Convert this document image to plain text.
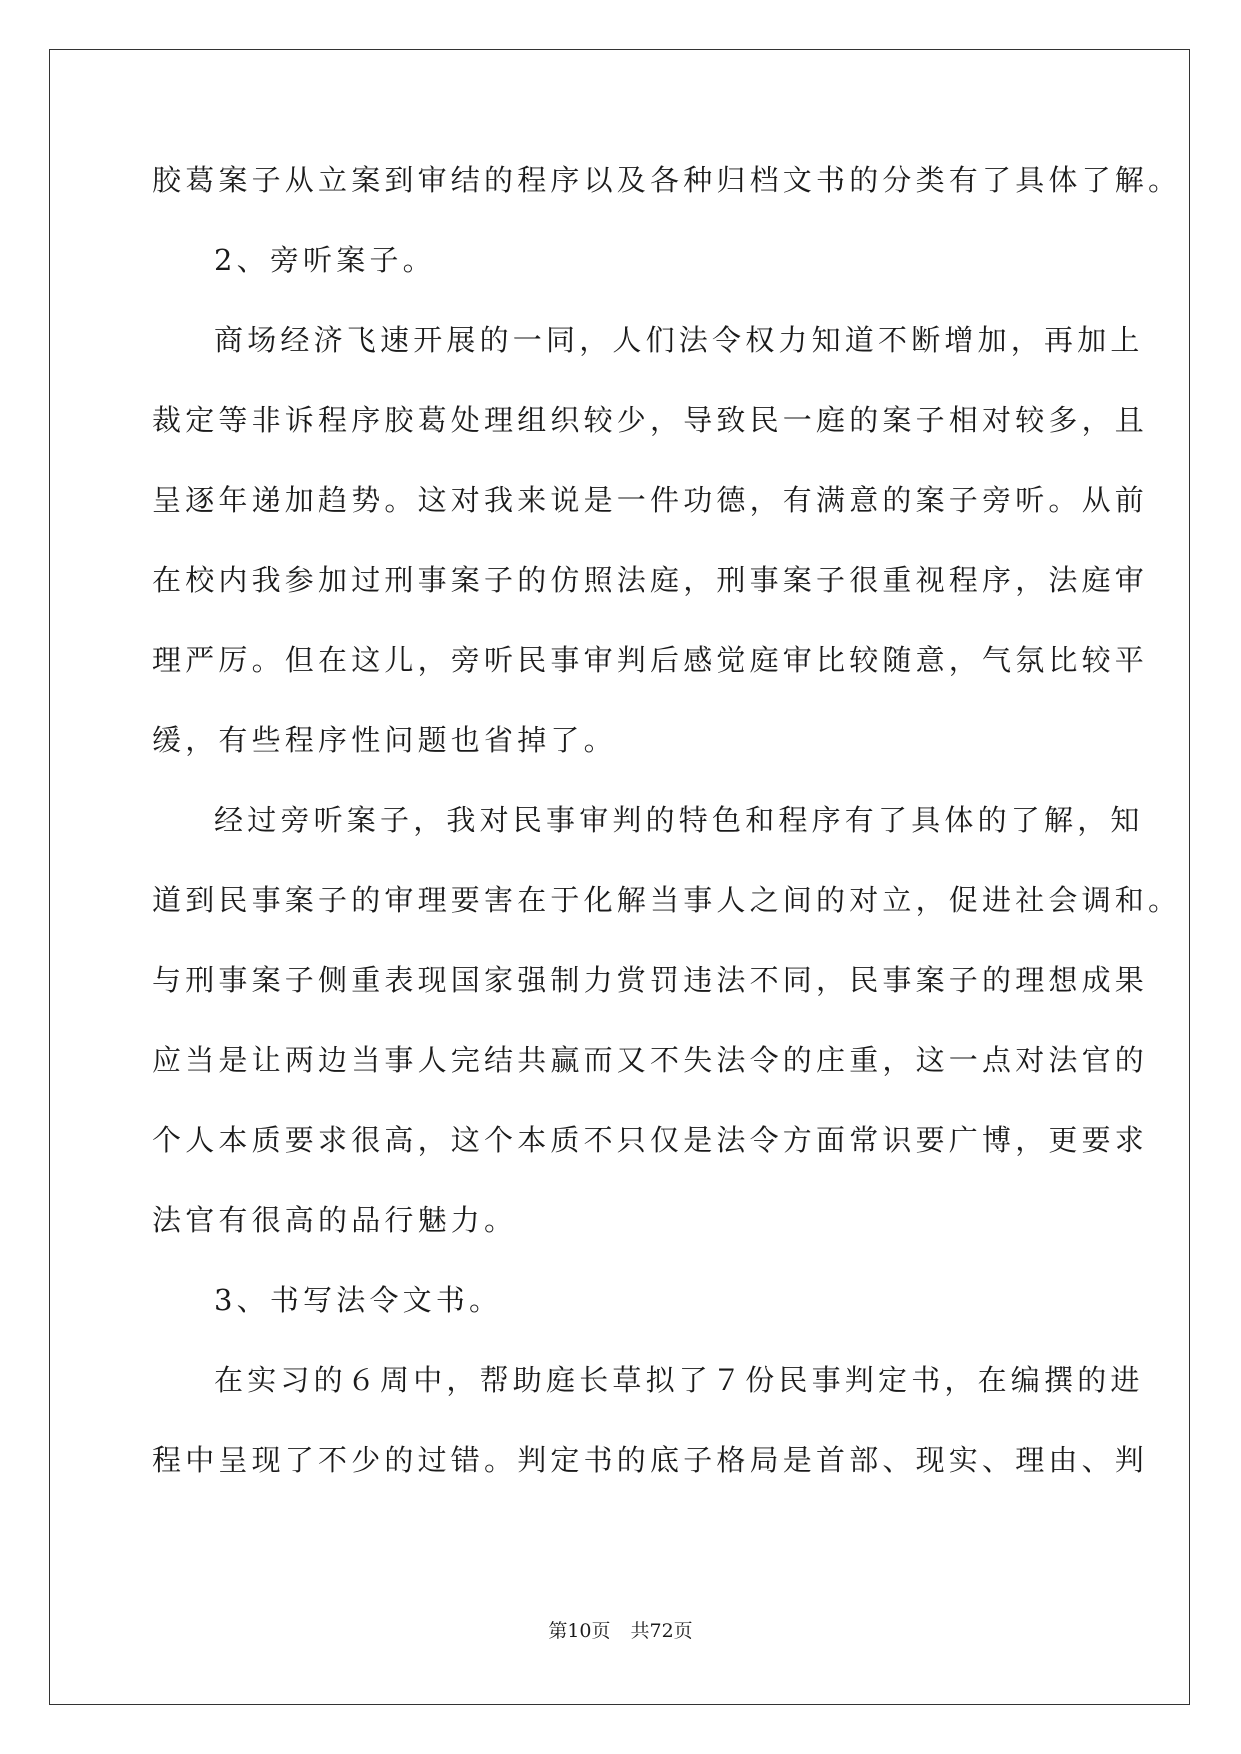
胶葛案子从立案到审结的程序以及各种归档文书的分类有了具体了解。
2、旁听案子。
商场经济飞速开展的一同，人们法令权力知道不断增加，再加上
裁定等非诉程序胶葛处理组织较少，导致民一庭的案子相对较多，且
呈逐年递加趋势。这对我来说是一件功德，有满意的案子旁听。从前
在校内我参加过刑事案子的仿照法庭，刑事案子很重视程序，法庭审
理严厉。但在这儿，旁听民事审判后感觉庭审比较随意，气氛比较平
缓，有些程序性问题也省掉了。
经过旁听案子，我对民事审判的特色和程序有了具体的了解，知
道到民事案子的审理要害在于化解当事人之间的对立，促进社会调和。
与刑事案子侧重表现国家强制力赏罚违法不同，民事案子的理想成果
应当是让两边当事人完结共赢而又不失法令的庄重，这一点对法官的
个人本质要求很高，这个本质不只仅是法令方面常识要广博，更要求
法官有很高的品行魅力。
3、书写法令文书。
在实习的６周中，帮助庭长草拟了７份民事判定书，在编撰的进
程中呈现了不少的过错。判定书的底子格局是首部、现实、理由、判
第10页 共72页
